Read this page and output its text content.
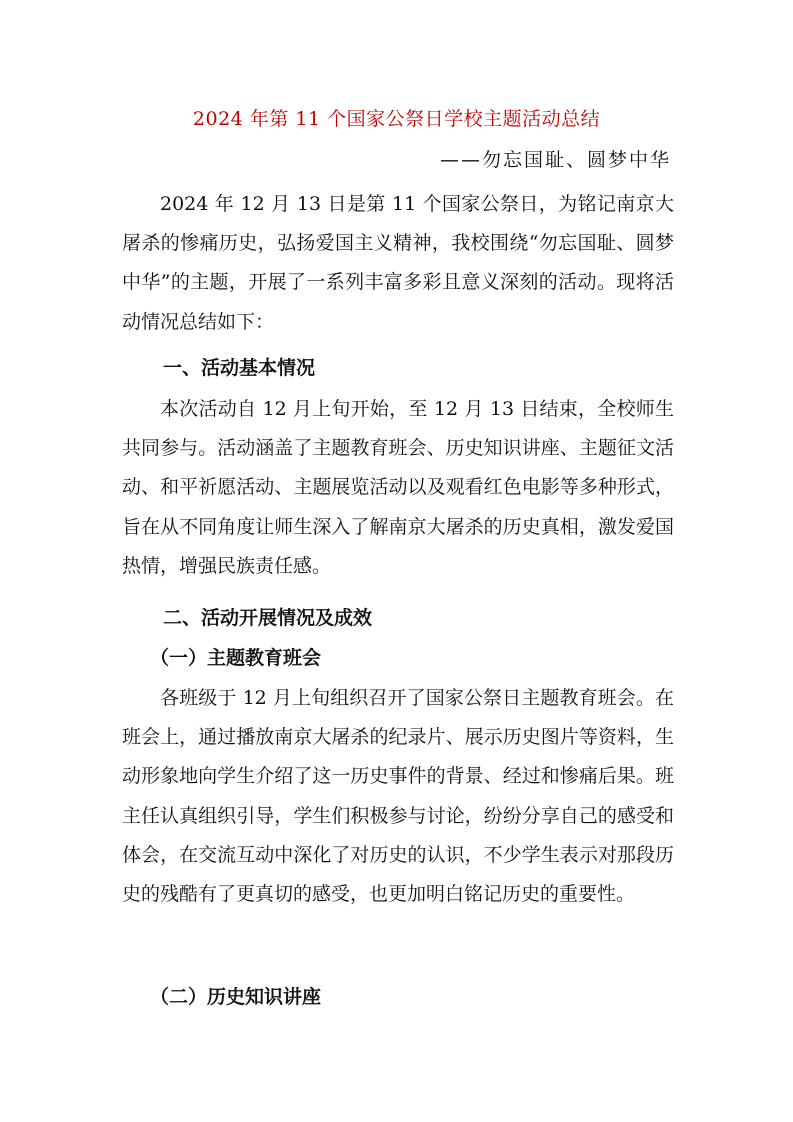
2024 年第 11 个国家公祭日学校主题活动总结
——勿忘国耻、圆梦中华

2024 年 12 月 13 日是第 11 个国家公祭日，为铭记南京大屠杀的惨痛历史，弘扬爱国主义精神，我校围绕“勿忘国耻、圆梦中华”的主题，开展了一系列丰富多彩且意义深刻的活动。现将活动情况总结如下：

一、活动基本情况

本次活动自 12 月上旬开始，至 12 月 13 日结束，全校师生共同参与。活动涵盖了主题教育班会、历史知识讲座、主题征文活动、和平祈愿活动、主题展览活动以及观看红色电影等多种形式，旨在从不同角度让师生深入了解南京大屠杀的历史真相，激发爱国热情，增强民族责任感。

二、活动开展情况及成效

（一）主题教育班会

各班级于 12 月上旬组织召开了国家公祭日主题教育班会。在班会上，通过播放南京大屠杀的纪录片、展示历史图片等资料，生动形象地向学生介绍了这一历史事件的背景、经过和惨痛后果。班主任认真组织引导，学生们积极参与讨论，纷纷分享自己的感受和体会，在交流互动中深化了对历史的认识，不少学生表示对那段历史的残酷有了更真切的感受，也更加明白铭记历史的重要性。

（二）历史知识讲座
